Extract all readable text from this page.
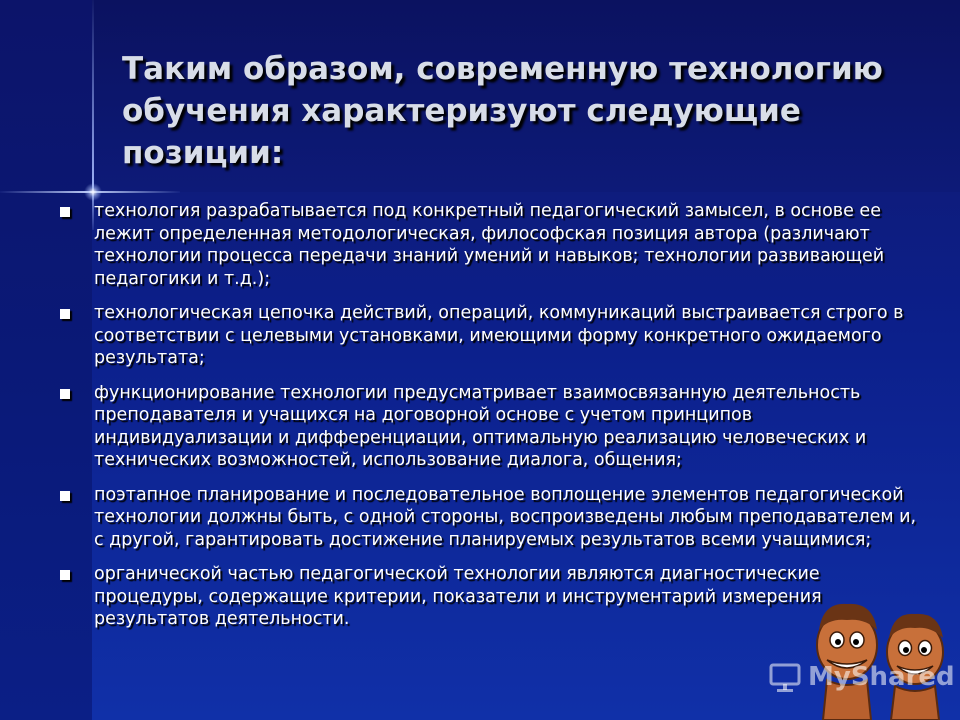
Таким образом, современную технологию обучения характеризуют следующие позиции:
технология разрабатывается под конкретный педагогический замысел, в основе ее лежит определенная методологическая, философская позиция автора (различают технологии процесса передачи знаний умений и навыков; технологии развивающей педагогики и т.д.);
технологическая цепочка действий, операций, коммуникаций выстраивается строго в соответствии с целевыми установками, имеющими форму конкретного ожидаемого результата;
функционирование технологии предусматривает взаимосвязанную деятельность преподавателя и учащихся на договорной основе с учетом принципов индивидуализации и дифференциации, оптимальную реализацию человеческих и технических возможностей, использование диалога, общения;
поэтапное планирование и последовательное воплощение элементов педагогической технологии должны быть, с одной стороны, воспроизведены любым преподавателем и, с другой, гарантировать достижение планируемых результатов всеми учащимися;
органической частью педагогической технологии являются диагностические процедуры, содержащие критерии, показатели и инструментарий измерения результатов деятельности.
MyShared
